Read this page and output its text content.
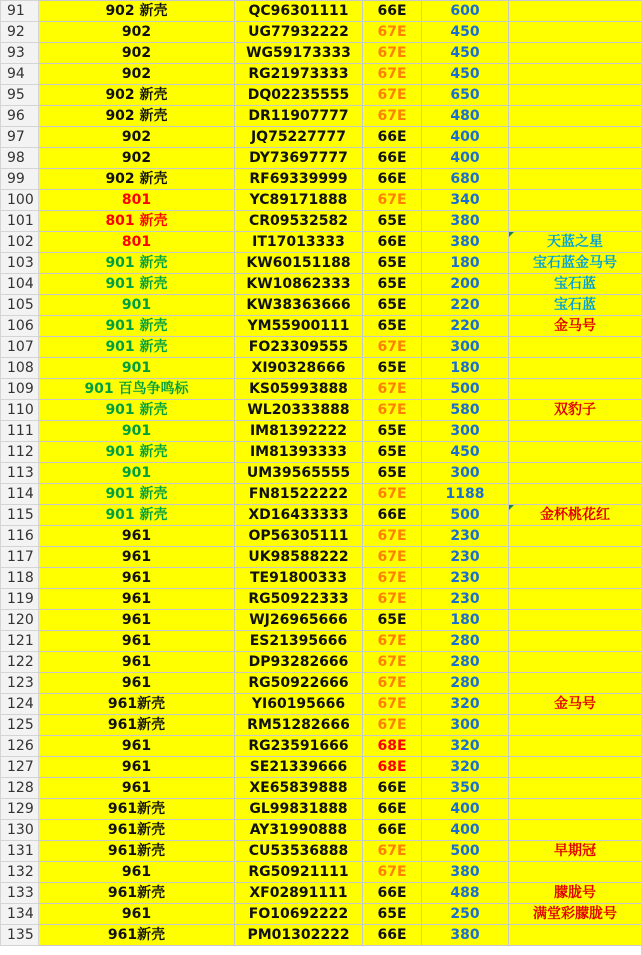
91	902 新壳	QC96301111	66E	600	
92	902	UG77932222	67E	450	
93	902	WG59173333	67E	450	
94	902	RG21973333	67E	450	
95	902 新壳	DQ02235555	67E	650	
96	902 新壳	DR11907777	67E	480	
97	902	JQ75227777	66E	400	
98	902	DY73697777	66E	400	
99	902 新壳	RF69339999	66E	680	
100	801	YC89171888	67E	340	
101	801 新壳	CR09532582	65E	380	
102	801	IT17013333	66E	380	天蓝之星
103	901 新壳	KW60151188	65E	180	宝石蓝金马号
104	901 新壳	KW10862333	65E	200	宝石蓝
105	901	KW38363666	65E	220	宝石蓝
106	901 新壳	YM55900111	65E	220	金马号
107	901 新壳	FO23309555	67E	300	
108	901	XI90328666	65E	180	
109	901 百鸟争鸣标	KS05993888	67E	500	
110	901 新壳	WL20333888	67E	580	双豹子
111	901	IM81392222	65E	300	
112	901 新壳	IM81393333	65E	450	
113	901	UM39565555	65E	300	
114	901 新壳	FN81522222	67E	1188	
115	901 新壳	XD16433333	66E	500	金杯桃花红
116	961	OP56305111	67E	230	
117	961	UK98588222	67E	230	
118	961	TE91800333	67E	230	
119	961	RG50922333	67E	230	
120	961	WJ26965666	65E	180	
121	961	ES21395666	67E	280	
122	961	DP93282666	67E	280	
123	961	RG50922666	67E	280	
124	961新壳	YI60195666	67E	320	金马号
125	961新壳	RM51282666	67E	300	
126	961	RG23591666	68E	320	
127	961	SE21339666	68E	320	
128	961	XE65839888	66E	350	
129	961新壳	GL99831888	66E	400	
130	961新壳	AY31990888	66E	400	
131	961新壳	CU53536888	67E	500	早期冠
132	961	RG50921111	67E	380	
133	961新壳	XF02891111	66E	488	朦胧号
134	961	FO10692222	65E	250	满堂彩朦胧号
135	961新壳	PM01302222	66E	380	
